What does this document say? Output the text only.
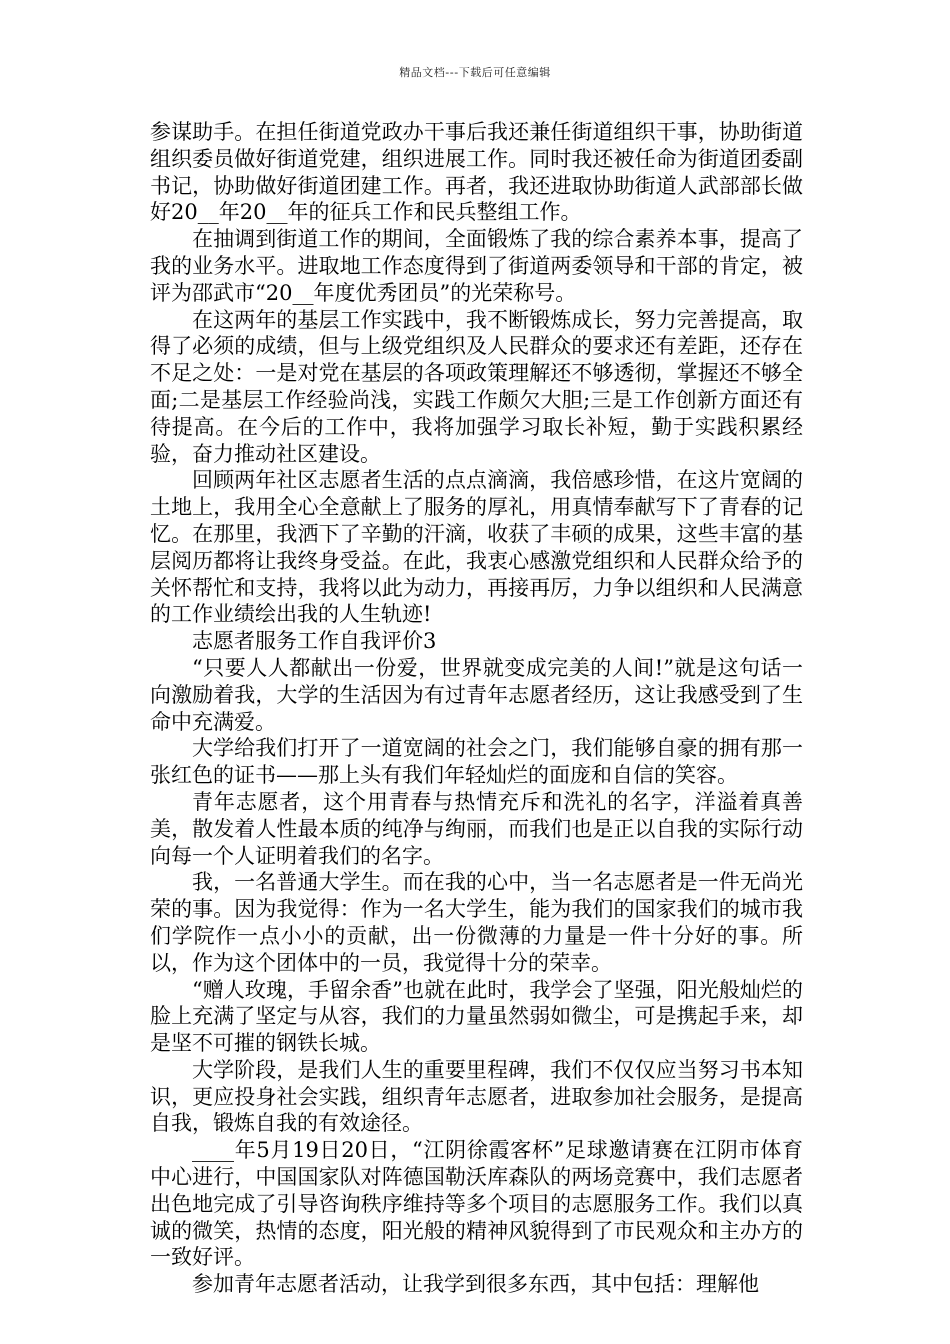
精品文档---下载后可任意编辑

参谋助手。在担任街道党政办干事后我还兼任街道组织干事，协助街道组织委员做好街道党建，组织进展工作。同时我还被任命为街道团委副书记，协助做好街道团建工作。再者，我还进取协助街道人武部部长做好20__年20__年的征兵工作和民兵整组工作。

在抽调到街道工作的期间，全面锻炼了我的综合素养本事，提高了我的业务水平。进取地工作态度得到了街道两委领导和干部的肯定，被评为邵武市“20__年度优秀团员”的光荣称号。

在这两年的基层工作实践中，我不断锻炼成长，努力完善提高，取得了必须的成绩，但与上级党组织及人民群众的要求还有差距，还存在不足之处：一是对党在基层的各项政策理解还不够透彻，掌握还不够全面;二是基层工作经验尚浅，实践工作颇欠大胆;三是工作创新方面还有待提高。在今后的工作中，我将加强学习取长补短，勤于实践积累经验，奋力推动社区建设。

回顾两年社区志愿者生活的点点滴滴，我倍感珍惜，在这片宽阔的土地上，我用全心全意献上了服务的厚礼，用真情奉献写下了青春的记忆。在那里，我洒下了辛勤的汗滴，收获了丰硕的成果，这些丰富的基层阅历都将让我终身受益。在此，我衷心感激党组织和人民群众给予的关怀帮忙和支持，我将以此为动力，再接再厉，力争以组织和人民满意的工作业绩绘出我的人生轨迹!

志愿者服务工作自我评价3

“只要人人都献出一份爱，世界就变成完美的人间!”就是这句话一向激励着我，大学的生活因为有过青年志愿者经历，这让我感受到了生命中充满爱。

大学给我们打开了一道宽阔的社会之门，我们能够自豪的拥有那一张红色的证书——那上头有我们年轻灿烂的面庞和自信的笑容。

青年志愿者，这个用青春与热情充斥和洗礼的名字，洋溢着真善美，散发着人性最本质的纯净与绚丽，而我们也是正以自我的实际行动向每一个人证明着我们的名字。

我，一名普通大学生。而在我的心中，当一名志愿者是一件无尚光荣的事。因为我觉得：作为一名大学生，能为我们的国家我们的城市我们学院作一点小小的贡献，出一份微薄的力量是一件十分好的事。所以，作为这个团体中的一员，我觉得十分的荣幸。

“赠人玫瑰，手留余香”也就在此时，我学会了坚强，阳光般灿烂的脸上充满了坚定与从容，我们的力量虽然弱如微尘，可是携起手来，却是坚不可摧的钢铁长城。

大学阶段，是我们人生的重要里程碑，我们不仅仅应当努习书本知识，更应投身社会实践，组织青年志愿者，进取参加社会服务，是提高自我，锻炼自我的有效途径。

____年5月19日20日，“江阴徐霞客杯”足球邀请赛在江阴市体育中心进行，中国国家队对阵德国勒沃库森队的两场竞赛中，我们志愿者出色地完成了引导咨询秩序维持等多个项目的志愿服务工作。我们以真诚的微笑，热情的态度，阳光般的精神风貌得到了市民观众和主办方的一致好评。

参加青年志愿者活动，让我学到很多东西，其中包括：理解他
